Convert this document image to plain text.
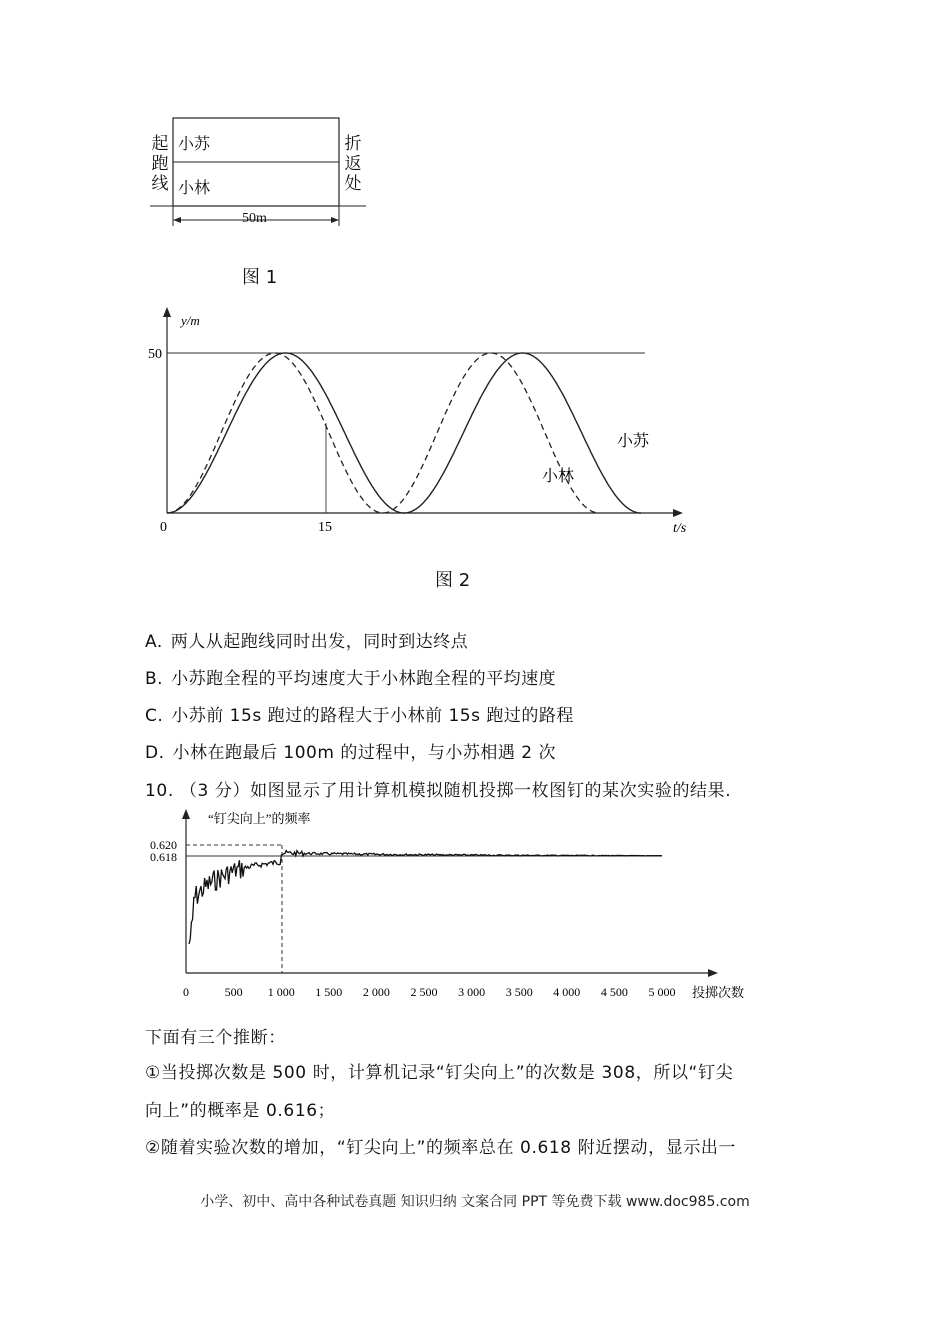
起跑线
折返处
小苏
小林
50m
图 1
y/m
50
0	15	t/s
小苏
小林
图 2
A. 两人从起跑线同时出发，同时到达终点
B. 小苏跑全程的平均速度大于小林跑全程的平均速度
C. 小苏前 15s 跑过的路程大于小林前 15s 跑过的路程
D. 小林在跑最后 100m 的过程中，与小苏相遇 2 次
10. （3 分）如图显示了用计算机模拟随机投掷一枚图钉的某次实验的结果.
“钉尖向上”的频率
0.620
0.618
0	500 1 000 1 500 2 000 2 500 3 000 3 500 4 000 4 500 5 000 投掷次数
下面有三个推断：
①当投掷次数是 500 时，计算机记录“钉尖向上”的次数是 308，所以“钉尖
向上”的概率是 0.616；
②随着实验次数的增加，“钉尖向上”的频率总在 0.618 附近摆动，显示出一
小学、初中、高中各种试卷真题 知识归纳 文案合同 PPT 等免费下载 www.doc985.com
